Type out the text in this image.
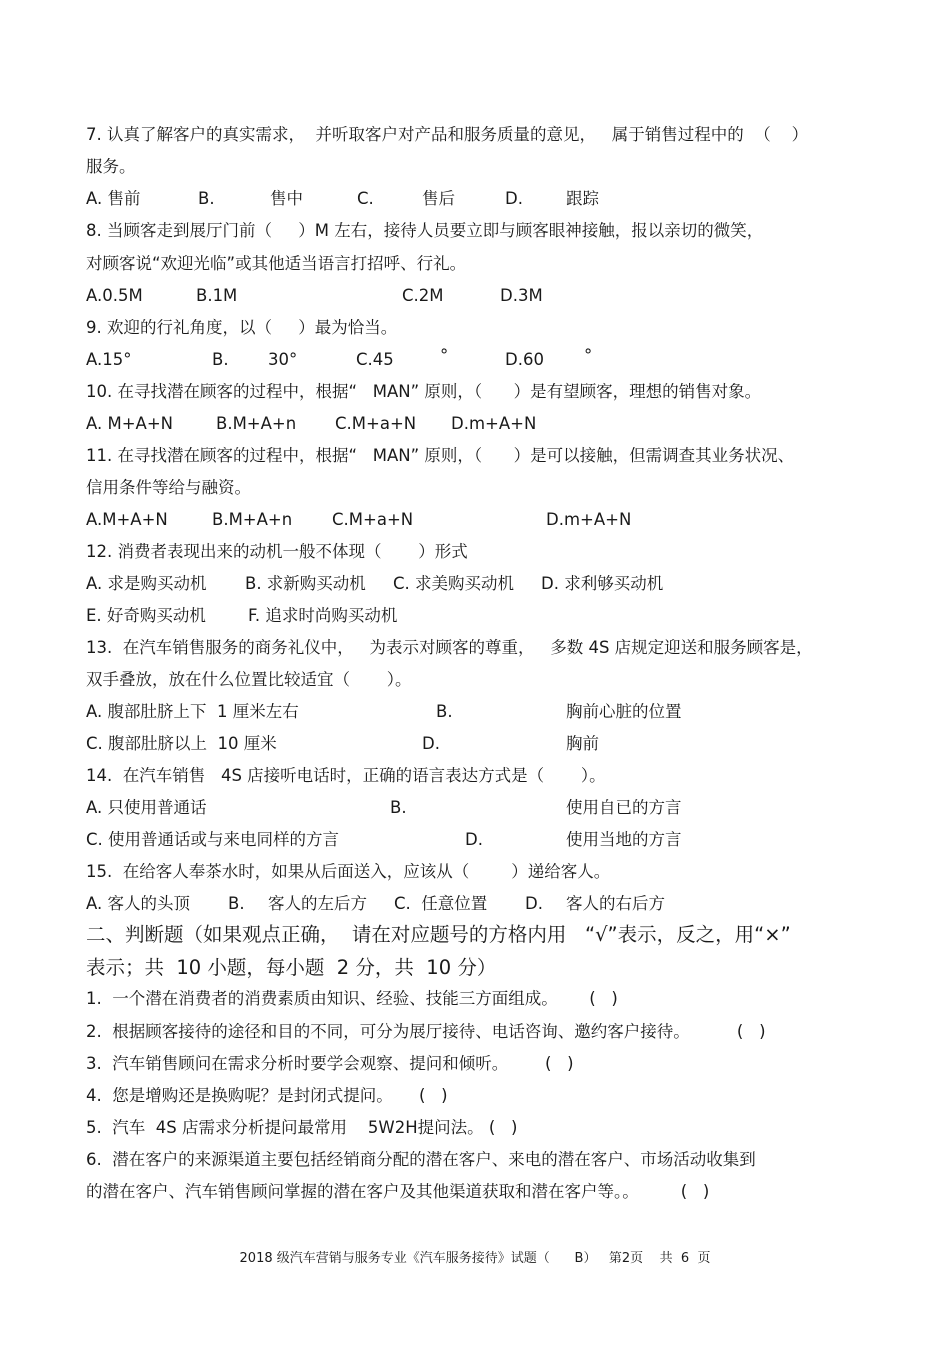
7. 认真了解客户的真实需求，  并听取客户对产品和服务质量的意见，   属于销售过程中的  （    ）
服务。
A. 售前	B.	售中	C.	售后	D.	跟踪
8. 当顾客走到展厅门前（     ）M 左右，接待人员要立即与顾客眼神接触，报以亲切的微笑，
对顾客说“欢迎光临”或其他适当语言打招呼、行礼。
A.0.5M	B.1M	C.2M	D.3M
9. 欢迎的行礼角度，以（     ）最为恰当。
A.15°	B. 30°	C.45	°	D.60 °
10. 在寻找潜在顾客的过程中，根据“   MAN” 原则，（      ）是有望顾客，理想的销售对象。
A. M+A+N	B.M+A+n C.M+a+N D.m+A+N
11. 在寻找潜在顾客的过程中，根据“   MAN” 原则，（      ）是可以接触，但需调查其业务状况、
信用条件等给与融资。
A.M+A+N	B.M+A+n C.M+a+N	D.m+A+N
12. 消费者表现出来的动机一般不体现（       ）形式
A. 求是购买动机 B. 求新购买动机 C. 求美购买动机 D. 求利够买动机
E. 好奇购买动机	F. 追求时尚购买动机
13.  在汽车销售服务的商务礼仪中，   为表示对顾客的尊重，   多数 4S 店规定迎送和服务顾客是，
双手叠放，放在什么位置比较适宜（       ）。
A. 腹部肚脐上下  1 厘米左右	B.	胸前心脏的位置
C. 腹部肚脐以上  10 厘米	D.	胸前
14.  在汽车销售   4S 店接听电话时，正确的语言表达方式是（       ）。
A. 只使用普通话	B.	使用自已的方言
C. 使用普通话或与来电同样的方言	D.	使用当地的方言
15.  在给客人奉茶水时，如果从后面送入，应该从（        ）递给客人。
A. 客人的头顶 B. 客人的左后方 C.  任意位置 D. 客人的右后方
二、判断题（如果观点正确，  请在对应题号的方格内用   “√”表示，反之，用“×”
表示；共  10 小题，每小题  2 分，共  10 分）
1.  一个潜在消费者的消费素质由知识、经验、技能三方面组成。      (   )
2.  根据顾客接待的途径和目的不同，可分为展厅接待、电话咨询、邀约客户接待。         (   )
3.  汽车销售顾问在需求分析时要学会观察、提问和倾听。       (   )
4.  您是增购还是换购呢？是封闭式提问。     (   )
5.  汽车  4S 店需求分析提问最常用    5W2H提问法。 (   )
6.  潜在客户的来源渠道主要包括经销商分配的潜在客户、来电的潜在客户、市场活动收集到
的潜在客户、汽车销售顾问掌握的潜在客户及其他渠道获取和潜在客户等。。        (   )
2018 级汽车营销与服务专业《汽车服务接待》试题（      B）   第2页    共  6  页
